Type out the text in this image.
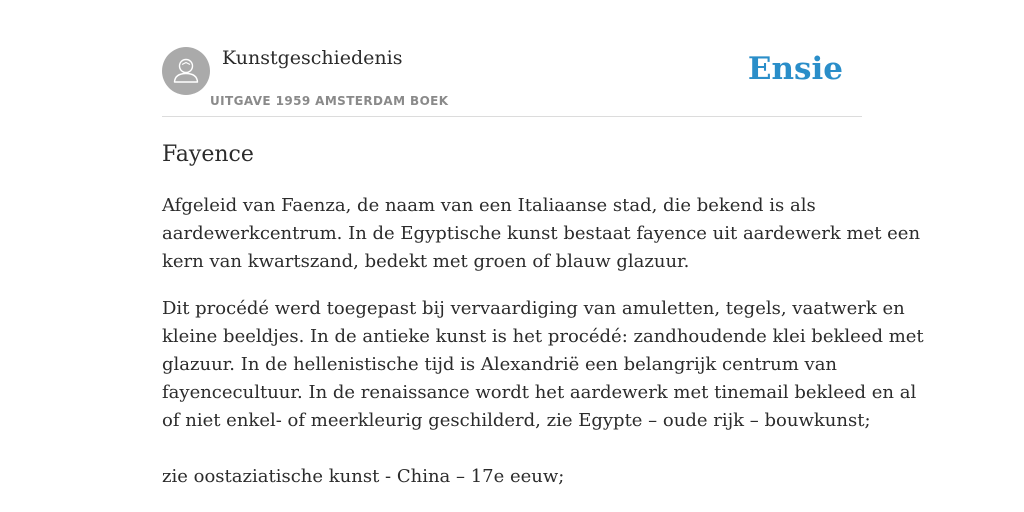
Kunstgeschiedenis
UITGAVE 1959 AMSTERDAM BOEK
Ensie
Fayence
Afgeleid van Faenza, de naam van een Italiaanse stad, die bekend is als
aardewerkcentrum. In de Egyptische kunst bestaat fayence uit aardewerk met een
kern van kwartszand, bedekt met groen of blauw glazuur.
Dit procédé werd toegepast bij vervaardiging van amuletten, tegels, vaatwerk en
kleine beeldjes. In de antieke kunst is het procédé: zandhoudende klei bekleed met
glazuur. In de hellenistische tijd is Alexandrië een belangrijk centrum van
fayencecultuur. In de renaissance wordt het aardewerk met tinemail bekleed en al
of niet enkel- of meerkleurig geschilderd, zie Egypte – oude rijk – bouwkunst;
zie oostaziatische kunst - China – 17e eeuw;
